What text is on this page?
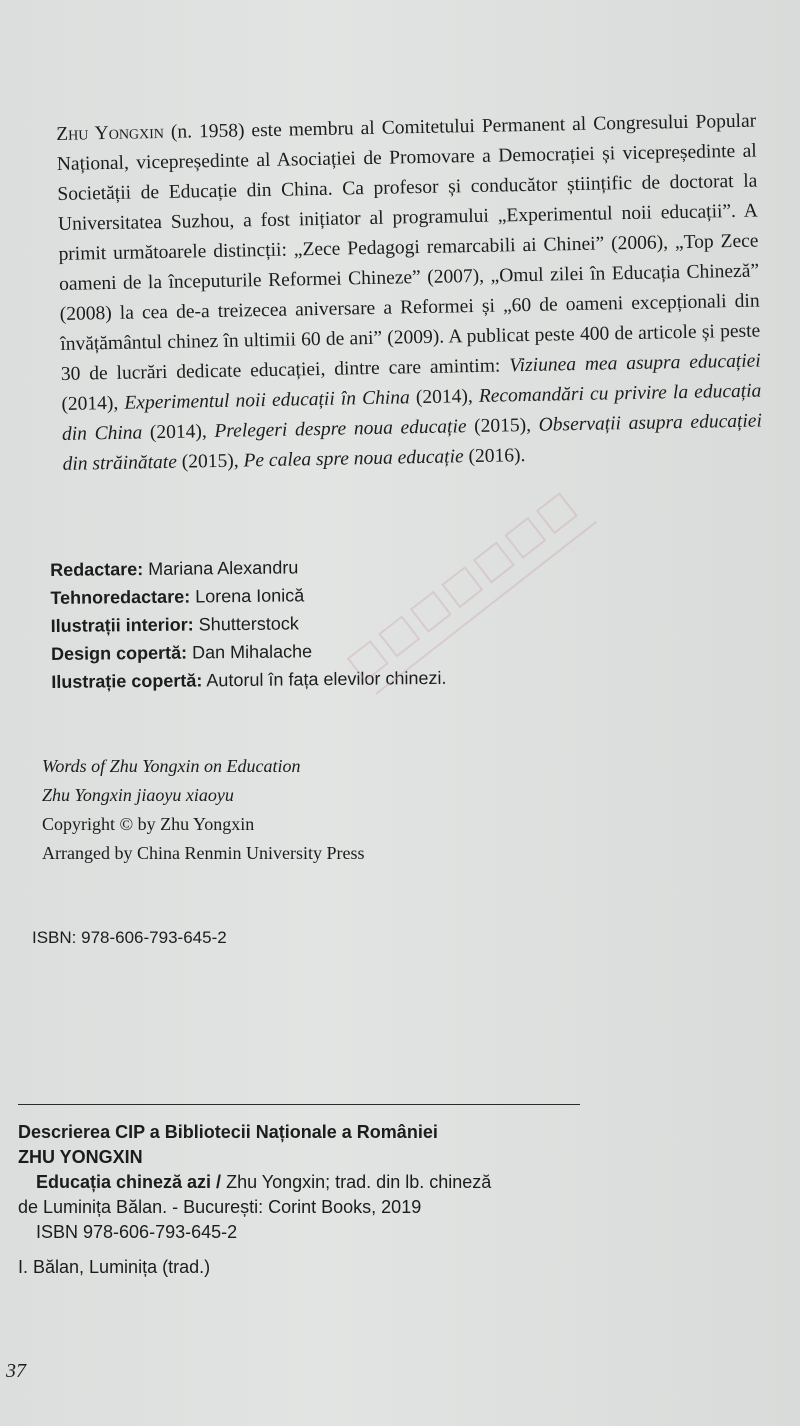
Zhu Yongxin (n. 1958) este membru al Comitetului Permanent al Congresului Popular Național, vicepreședinte al Asociației de Promovare a Democrației și vicepreședinte al Societății de Educație din China. Ca profesor și conducător științific de doctorat la Universitatea Suzhou, a fost inițiator al programului „Experimentul noii educații”. A primit următoarele distincții: „Zece Pedagogi remarcabili ai Chinei” (2006), „Top Zece oameni de la începuturile Reformei Chineze” (2007), „Omul zilei în Educația Chineză” (2008) la cea de-a treizecea aniversare a Reformei și „60 de oameni excepționali din învățământul chinez în ultimii 60 de ani” (2009). A publicat peste 400 de articole și peste 30 de lucrări dedicate educației, dintre care amintim: Viziunea mea asupra educației (2014), Experimentul noii educații în China (2014), Recomandări cu privire la educația din China (2014), Prelegeri despre noua educație (2015), Observații asupra educației din străinătate (2015), Pe calea spre noua educație (2016).
Redactare: Mariana Alexandru
Tehnoredactare: Lorena Ionică
Ilustrații interior: Shutterstock
Design copertă: Dan Mihalache
Ilustrație copertă: Autorul în fața elevilor chinezi.
Words of Zhu Yongxin on Education
Zhu Yongxin jiaoyu xiaoyu
Copyright © by Zhu Yongxin
Arranged by China Renmin University Press
ISBN: 978-606-793-645-2
Descrierea CIP a Bibliotecii Naționale a României
ZHU YONGXIN
Educația chineză azi / Zhu Yongxin; trad. din lb. chineză
de Luminița Bălan. - București: Corint Books, 2019
ISBN 978-606-793-645-2
I. Bălan, Luminița (trad.)
37
